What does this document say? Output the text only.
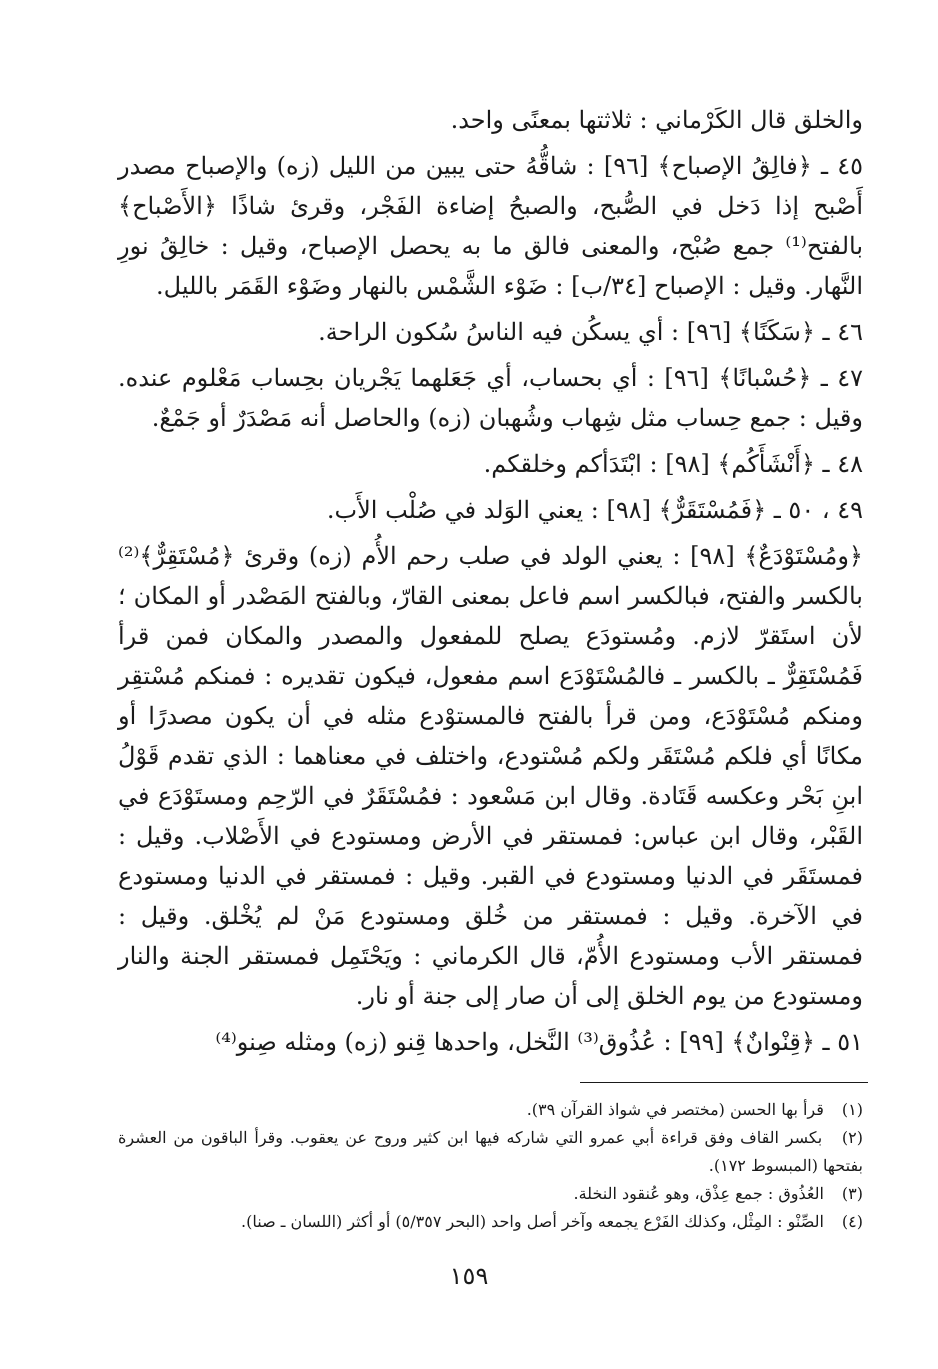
والخلق قال الكَرْماني : ثلاثتها بمعنًى واحد.

٤٥ ـ ﴿فالِقُ الإصباح﴾ [٩٦] : شاقُّهُ حتى يبين من الليل (زه) والإصباح مصدر أَصْبح إذا دَخل في الصُّبح، والصبحُ إضاءة الفَجْر، وقرئ شاذًا ﴿الأَصْباح﴾ بالفتح⁽¹⁾ جمع صُبْح، والمعنى فالق ما به يحصل الإصباح، وقيل : خالِقُ نورِ النَّهار. وقيل : الإصباح [٣٤/ب] : ضَوْء الشَّمْس بالنهار وضَوْء القَمَر بالليل.

٤٦ ـ ﴿سَكَنًا﴾ [٩٦] : أي يسكُن فيه الناسُ سُكون الراحة.

٤٧ ـ ﴿حُسْبانًا﴾ [٩٦] : أي بحساب، أي جَعَلهما يَجْريان بحِساب مَعْلوم عنده. وقيل : جمع حِساب مثل شِهاب وشُهبان (زه) والحاصل أنه مَصْدَرٌ أو جَمْعٌ.

٤٨ ـ ﴿أَنْشَأَكُم﴾ [٩٨] : ابْتَدَأكم وخلقكم.

٤٩ ، ٥٠ ـ ﴿فَمُسْتَقَرٌّ﴾ [٩٨] : يعني الوَلد في صُلْب الأَب.

﴿ومُسْتَوْدَعٌ﴾ [٩٨] : يعني الولد في صلب رحم الأُم (زه) وقرئ ﴿مُسْتَقِرٌّ﴾⁽²⁾ بالكسر والفتح، فبالكسر اسم فاعل بمعنى القارّ، وبالفتح المَصْدر أو المكان ؛ لأن استَقرّ لازم. ومُستودَع يصلح للمفعول والمصدر والمكان فمن قرأ فَمُسْتَقِرٌّ ـ بالكسر ـ فالمُسْتَوْدَع اسم مفعول، فيكون تقديره : فمنكم مُسْتقِر ومنكم مُسْتَوْدَع، ومن قرأ بالفتح فالمستوْدع مثله في أن يكون مصدرًا أو مكانًا أي فلكم مُسْتَقَر ولكم مُسْتودع، واختلف في معناهما : الذي تقدم قَوْلُ ابنِ بَحْر وعكسه قَتَادة. وقال ابن مَسْعود : فمُسْتَقَرٌ في الرّحِم ومستَوْدَع في القَبْر، وقال ابن عباس: فمستقر في الأرض ومستودع في الأَصْلاب. وقيل : فمستَقَر في الدنيا ومستودع في القبر. وقيل : فمستقر في الدنيا ومستودع في الآخرة. وقيل : فمستقر من خُلق ومستودع مَنْ لم يُخْلق. وقيل : فمستقر الأب ومستودع الأُمّ، قال الكرماني : ويَحْتَمِل فمستقر الجنة والنار ومستودع من يوم الخلق إلى أن صار إلى جنة أو نار.

٥١ ـ ﴿قِنْوانٌ﴾ [٩٩] : عُذُوق⁽³⁾ النَّخل، واحدها قِنو (زه) ومثله صِنو⁽⁴⁾

(١) قرأ بها الحسن (مختصر في شواذ القرآن ٣٩).

(٢) بكسر القاف وفق قراءة أبي عمرو التي شاركه فيها ابن كثير وروح عن يعقوب. وقرأ الباقون من العشرة بفتحها (المبسوط ١٧٢).

(٣) العُذُوق : جمع عِذْق، وهو عُنقود النخلة.

(٤) الصِّنْو : المِثْل، وكذلك الفَرْع يجمعه وآخر أصل واحد (البحر ٥/٣٥٧) أو أكثر (اللسان ـ صنا).

١٥٩
